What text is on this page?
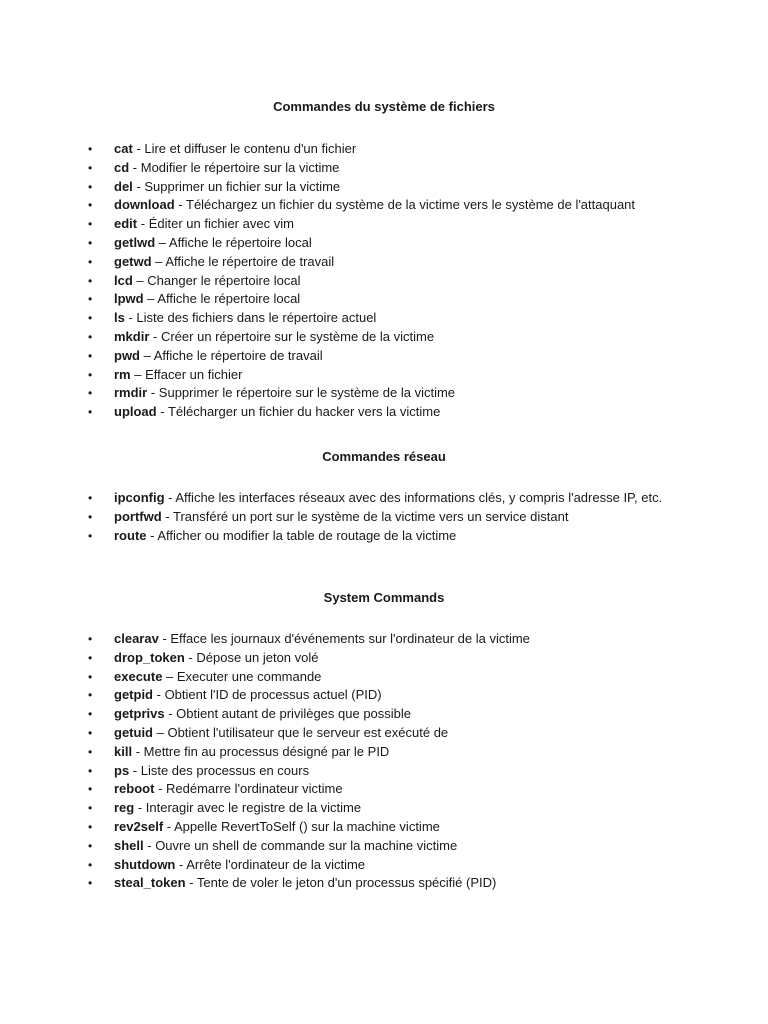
Commandes du système de fichiers
• cat - Lire et diffuser le contenu d'un fichier
• cd - Modifier le répertoire sur la victime
• del - Supprimer un fichier sur la victime
• download - Téléchargez un fichier du système de la victime vers le système de l'attaquant
• edit - Éditer un fichier avec vim
• getlwd – Affiche le répertoire local
• getwd – Affiche le répertoire de travail
• lcd – Changer le répertoire local
• lpwd – Affiche le répertoire local
• ls - Liste des fichiers dans le répertoire actuel
• mkdir - Créer un répertoire sur le système de la victime
• pwd – Affiche le répertoire de travail
• rm – Effacer un fichier
• rmdir - Supprimer le répertoire sur le système de la victime
• upload - Télécharger un fichier du hacker vers la victime
Commandes réseau
• ipconfig - Affiche les interfaces réseaux avec des informations clés, y compris l'adresse IP, etc.
• portfwd - Transféré un port sur le système de la victime vers un service distant
• route - Afficher ou modifier la table de routage de la victime
System Commands
• clearav - Efface les journaux d'événements sur l'ordinateur de la victime
• drop_token - Dépose un jeton volé
• execute – Executer une commande
• getpid - Obtient l'ID de processus actuel (PID)
• getprivs - Obtient autant de privilèges que possible
• getuid – Obtient l'utilisateur que le serveur est exécuté de
• kill - Mettre fin au processus désigné par le PID
• ps - Liste des processus en cours
• reboot - Redémarre l'ordinateur victime
• reg - Interagir avec le registre de la victime
• rev2self - Appelle RevertToSelf () sur la machine victime
• shell - Ouvre un shell de commande sur la machine victime
• shutdown - Arrête l'ordinateur de la victime
• steal_token - Tente de voler le jeton d'un processus spécifié (PID)
